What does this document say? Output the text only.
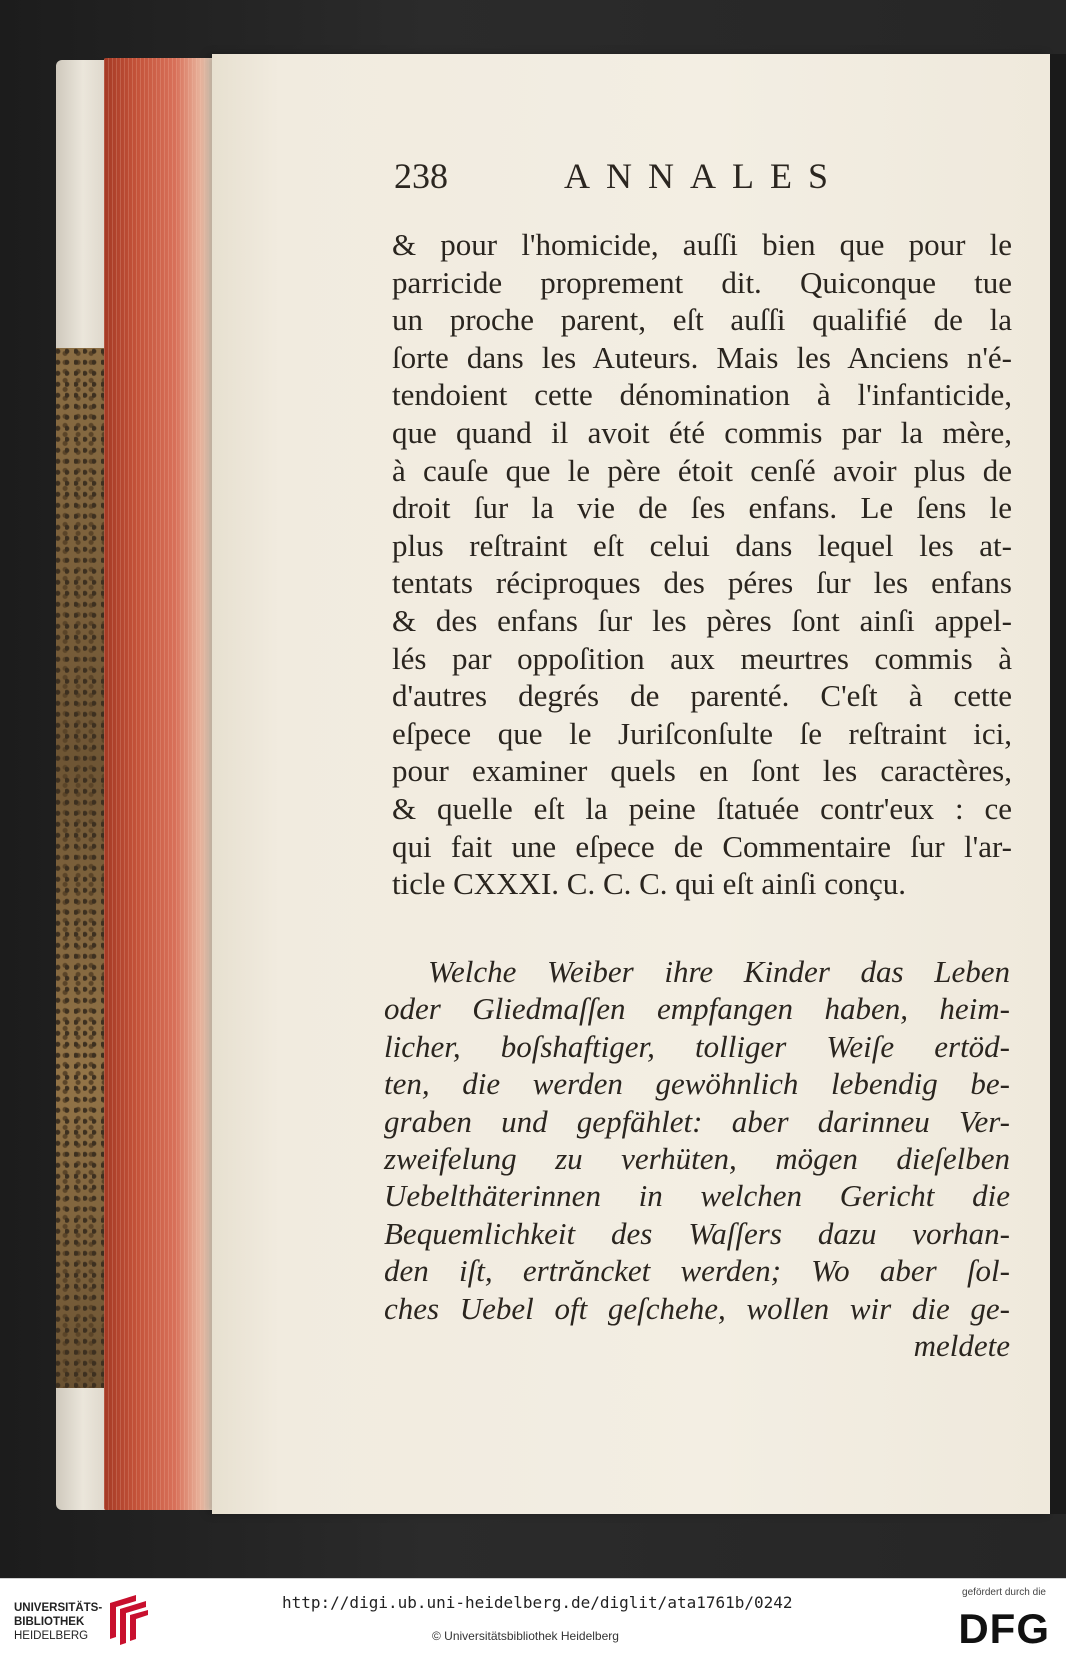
238	ANNALES
& pour l'homicide, auſſi bien que pour le
parricide proprement dit. Quiconque tue
un proche parent, eſt auſſi qualifié de la
ſorte dans les Auteurs. Mais les Anciens n'é-
tendoient cette dénomination à l'infanticide,
que quand il avoit été commis par la mère,
à cauſe que le père étoit cenſé avoir plus de
droit ſur la vie de ſes enfans. Le ſens le
plus reſtraint eſt celui dans lequel les at-
tentats réciproques des péres ſur les enfans
& des enfans ſur les pères ſont ainſi appel-
lés par oppoſition aux meurtres commis à
d'autres degrés de parenté. C'eſt à cette
eſpece que le Juriſconſulte ſe reſtraint ici,
pour examiner quels en ſont les caractères,
& quelle eſt la peine ſtatuée contr'eux : ce
qui fait une eſpece de Commentaire ſur l'ar-
ticle CXXXI. C. C. C. qui eſt ainſi conçu.
Welche Weiber ihre Kinder das Leben
oder Gliedmaſſen empfangen haben, heim-
licher, boſshaftiger, tolliger Weiſe ertöd-
ten, die werden gewöhnlich lebendig be-
graben und gepfählet: aber darinneu Ver-
zweifelung zu verhüten, mögen dieſelben
Uebelthäterinnen in welchen Gericht die
Bequemlichkeit des Waſſers dazu vorhan-
den iſt, ertrăncket werden; Wo aber ſol-
ches Uebel oft geſchehe, wollen wir die ge-
meldete
UNIVERSITÄTS-
BIBLIOTHEK
HEIDELBERG
http://digi.ub.uni-heidelberg.de/diglit/ata1761b/0242
© Universitätsbibliothek Heidelberg
gefördert durch die
DFG
